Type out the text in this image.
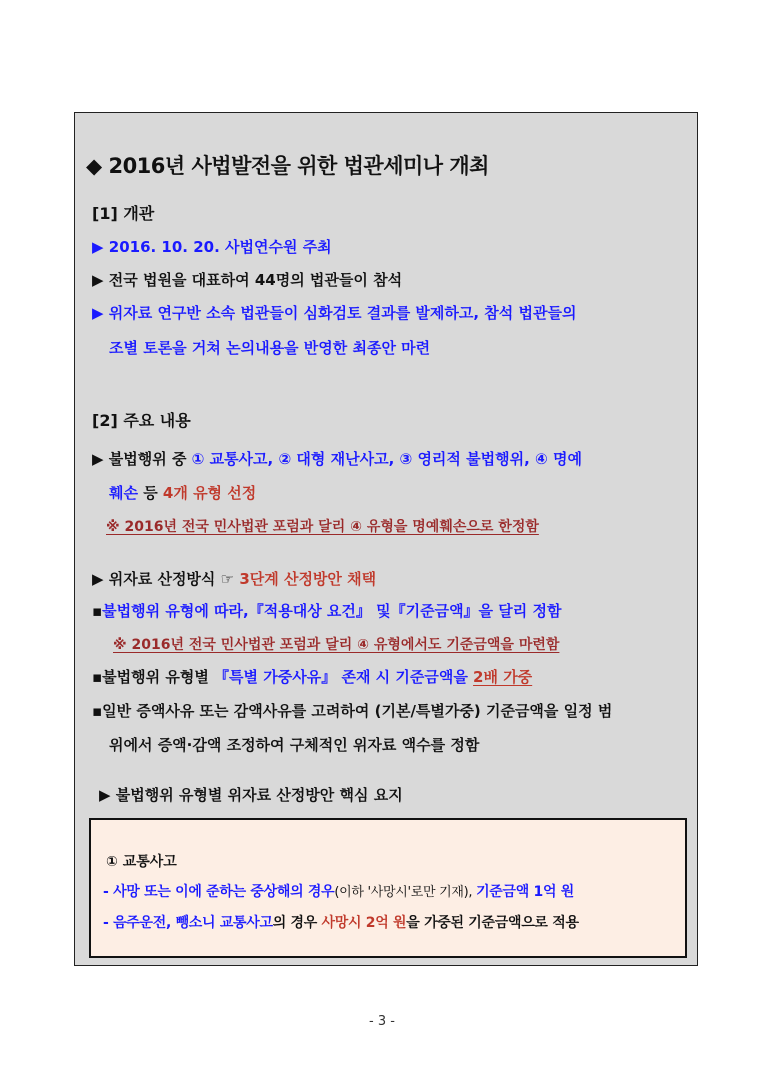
◆ 2016년 사법발전을 위한 법관세미나 개최
[1] 개관
▶ 2016. 10. 20. 사법연수원 주최
▶ 전국 법원을 대표하여 44명의 법관들이 참석
▶ 위자료 연구반 소속 법관들이 심화검토 결과를 발제하고, 참석 법관들의
조별 토론을 거쳐 논의내용을 반영한 최종안 마련
[2] 주요 내용
▶ 불법행위 중 ① 교통사고, ② 대형 재난사고, ③ 영리적 불법행위, ④ 명예
훼손 등 4개 유형 선정
※ 2016년 전국 민사법관 포럼과 달리 ④ 유형을 명예훼손으로 한정함
▶ 위자료 산정방식 ☞ 3단계 산정방안 채택
▪불법행위 유형에 따라,『적용대상 요건』 및『기준금액』을 달리 정함
※ 2016년 전국 민사법관 포럼과 달리 ④ 유형에서도 기준금액을 마련함
▪불법행위 유형별 『특별 가중사유』 존재 시 기준금액을 2배 가중
▪일반 증액사유 또는 감액사유를 고려하여 (기본/특별가중) 기준금액을 일정 범
위에서 증액·감액 조정하여 구체적인 위자료 액수를 정함
▶ 불법행위 유형별 위자료 산정방안 핵심 요지
① 교통사고
- 사망 또는 이에 준하는 중상해의 경우(이하 '사망시'로만 기재), 기준금액 1억 원
- 음주운전, 뺑소니 교통사고의 경우 사망시 2억 원을 가중된 기준금액으로 적용
- 3 -
